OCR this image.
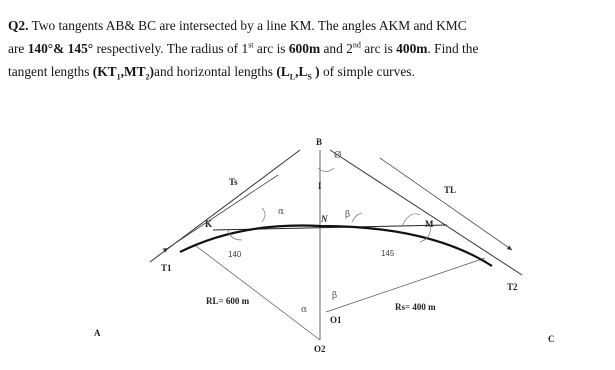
Q2. Two tangents AB& BC are intersected by a line KM. The angles AKM and KMC
are 140°& 145° respectively. The radius of 1st arc is 600m and 2nd arc is 400m. Find the
tangent lengths $(KT_1,MT_2)and$ horizontal lengths ($L_L,L_S$ ) of simple curves.
A
B
C
K	M
N
I
T1
T2
Ts
TL
O1
O2
140	145
RL= 600 m
Rs= 400 m
α
α
β
β
Ø
